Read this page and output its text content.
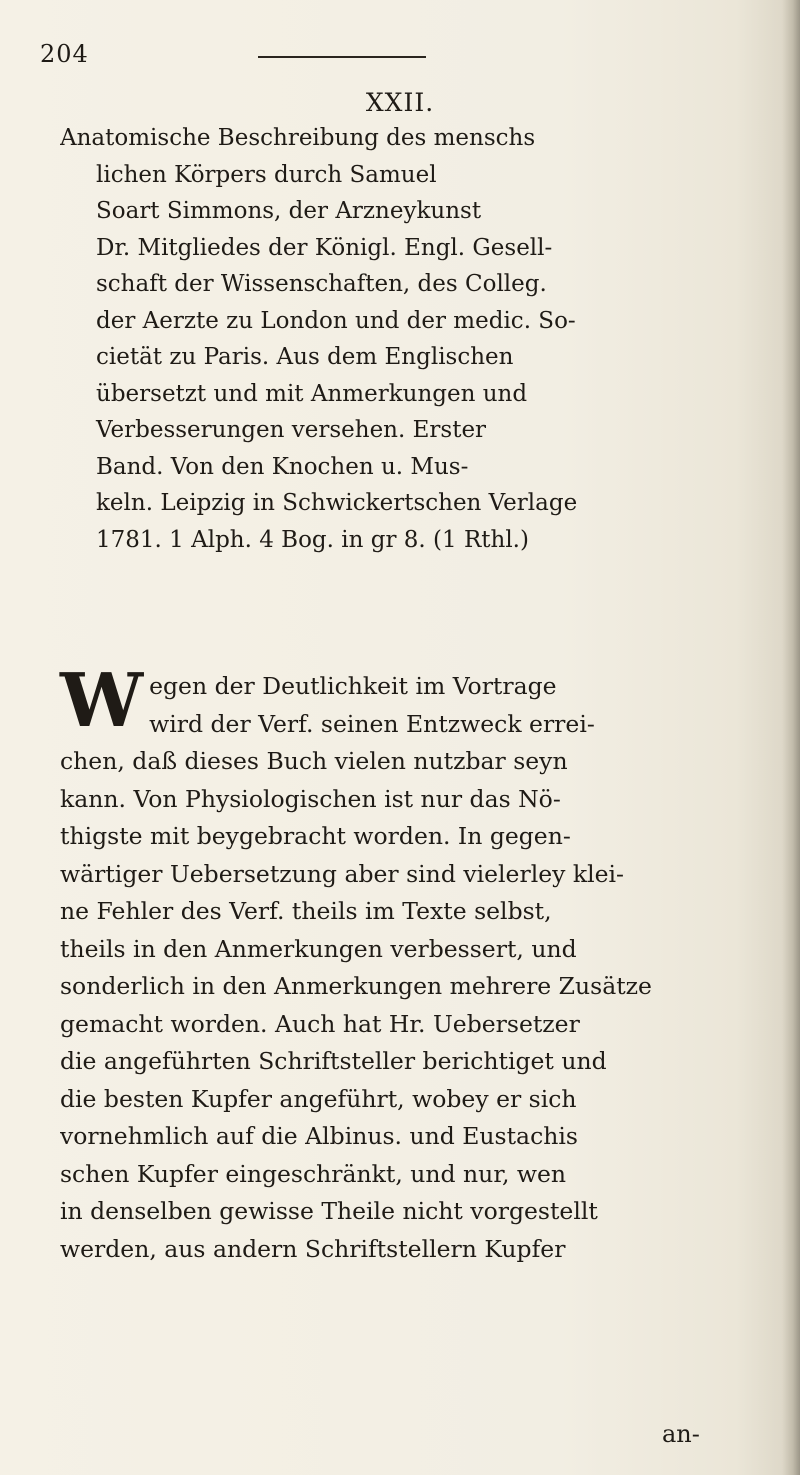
204
XXII.
Anatomische Beschreibung des menschs
lichen Körpers durch Samuel
Soart Simmons, der Arzneykunst
Dr. Mitgliedes der Königl. Engl. Gesell-
schaft der Wissenschaften, des Colleg.
der Aerzte zu London und der medic. So-
cietät zu Paris. Aus dem Englischen
übersetzt und mit Anmerkungen und
Verbesserungen versehen. Erster
Band. Von den Knochen u. Mus-
keln. Leipzig in Schwickertschen Verlage
1781. 1 Alph. 4 Bog. in gr 8. (1 Rthl.)
W egen der Deutlichkeit im Vortrage
wird der Verf. seinen Entzweck errei-
chen, daß dieses Buch vielen nutzbar seyn
kann. Von Physiologischen ist nur das Nö-
thigste mit beygebracht worden. In gegen-
wärtiger Uebersetzung aber sind vielerley klei-
ne Fehler des Verf. theils im Texte selbst,
theils in den Anmerkungen verbessert, und
sonderlich in den Anmerkungen mehrere Zusätze
gemacht worden. Auch hat Hr. Uebersetzer
die angeführten Schriftsteller berichtiget und
die besten Kupfer angeführt, wobey er sich
vornehmlich auf die Albinus. und Eustachis
schen Kupfer eingeschränkt, und nur, wen
in denselben gewisse Theile nicht vorgestellt
werden, aus andern Schriftstellern Kupfer
an-
